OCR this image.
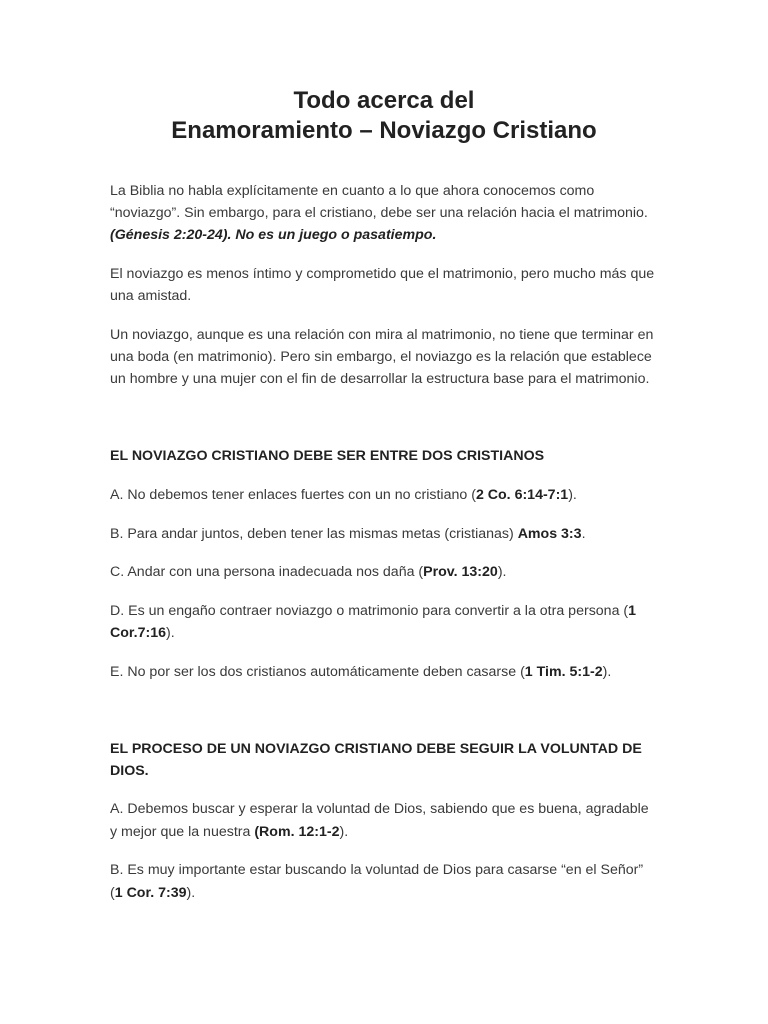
Todo acerca del
Enamoramiento – Noviazgo Cristiano

La Biblia no habla explícitamente en cuanto a lo que ahora conocemos como “noviazgo”. Sin embargo, para el cristiano, debe ser una relación hacia el matrimonio. (Génesis 2:20-24). No es un juego o pasatiempo.

El noviazgo es menos íntimo y comprometido que el matrimonio, pero mucho más que una amistad.

Un noviazgo, aunque es una relación con mira al matrimonio, no tiene que terminar en una boda (en matrimonio). Pero sin embargo, el noviazgo es la relación que establece un hombre y una mujer con el fin de desarrollar la estructura base para el matrimonio.

EL NOVIAZGO CRISTIANO DEBE SER ENTRE DOS CRISTIANOS

A. No debemos tener enlaces fuertes con un no cristiano (2 Co. 6:14-7:1).

B. Para andar juntos, deben tener las mismas metas (cristianas) Amos 3:3.

C. Andar con una persona inadecuada nos daña (Prov. 13:20).

D. Es un engaño contraer noviazgo o matrimonio para convertir a la otra persona (1 Cor.7:16).

E. No por ser los dos cristianos automáticamente deben casarse (1 Tim. 5:1-2).

EL PROCESO DE UN NOVIAZGO CRISTIANO DEBE SEGUIR LA VOLUNTAD DE DIOS.

A. Debemos buscar y esperar la voluntad de Dios, sabiendo que es buena, agradable y mejor que la nuestra (Rom. 12:1-2).

B. Es muy importante estar buscando la voluntad de Dios para casarse “en el Señor” (1 Cor. 7:39).
